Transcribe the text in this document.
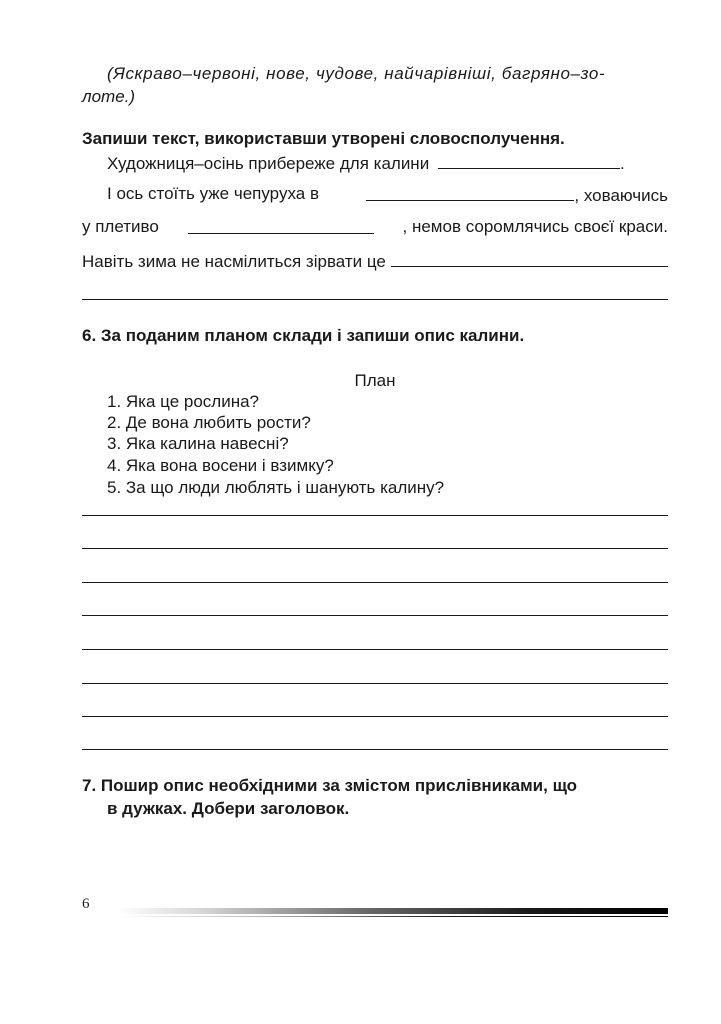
(Яскраво–червоні, нове, чудове, найчарівніші, багряно–зо-
лоте.)
Запиши текст, використавши утворені словосполучення.
Художниця–осінь прибереже для калини	.
І ось стоїть уже чепуруха в	, ховаючись
у плетиво	, немов соромлячись своєї краси.
Навіть зима не насмілиться зірвати це
6. За поданим планом склади і запиши опис калини.
План
1. Яка це рослина?
2. Де вона любить рости?
3. Яка калина навесні?
4. Яка вона восени і взимку?
5. За що люди люблять і шанують калину?
7. Пошир опис необхідними за змістом прислівниками, що
в дужках. Добери заголовок.
6
